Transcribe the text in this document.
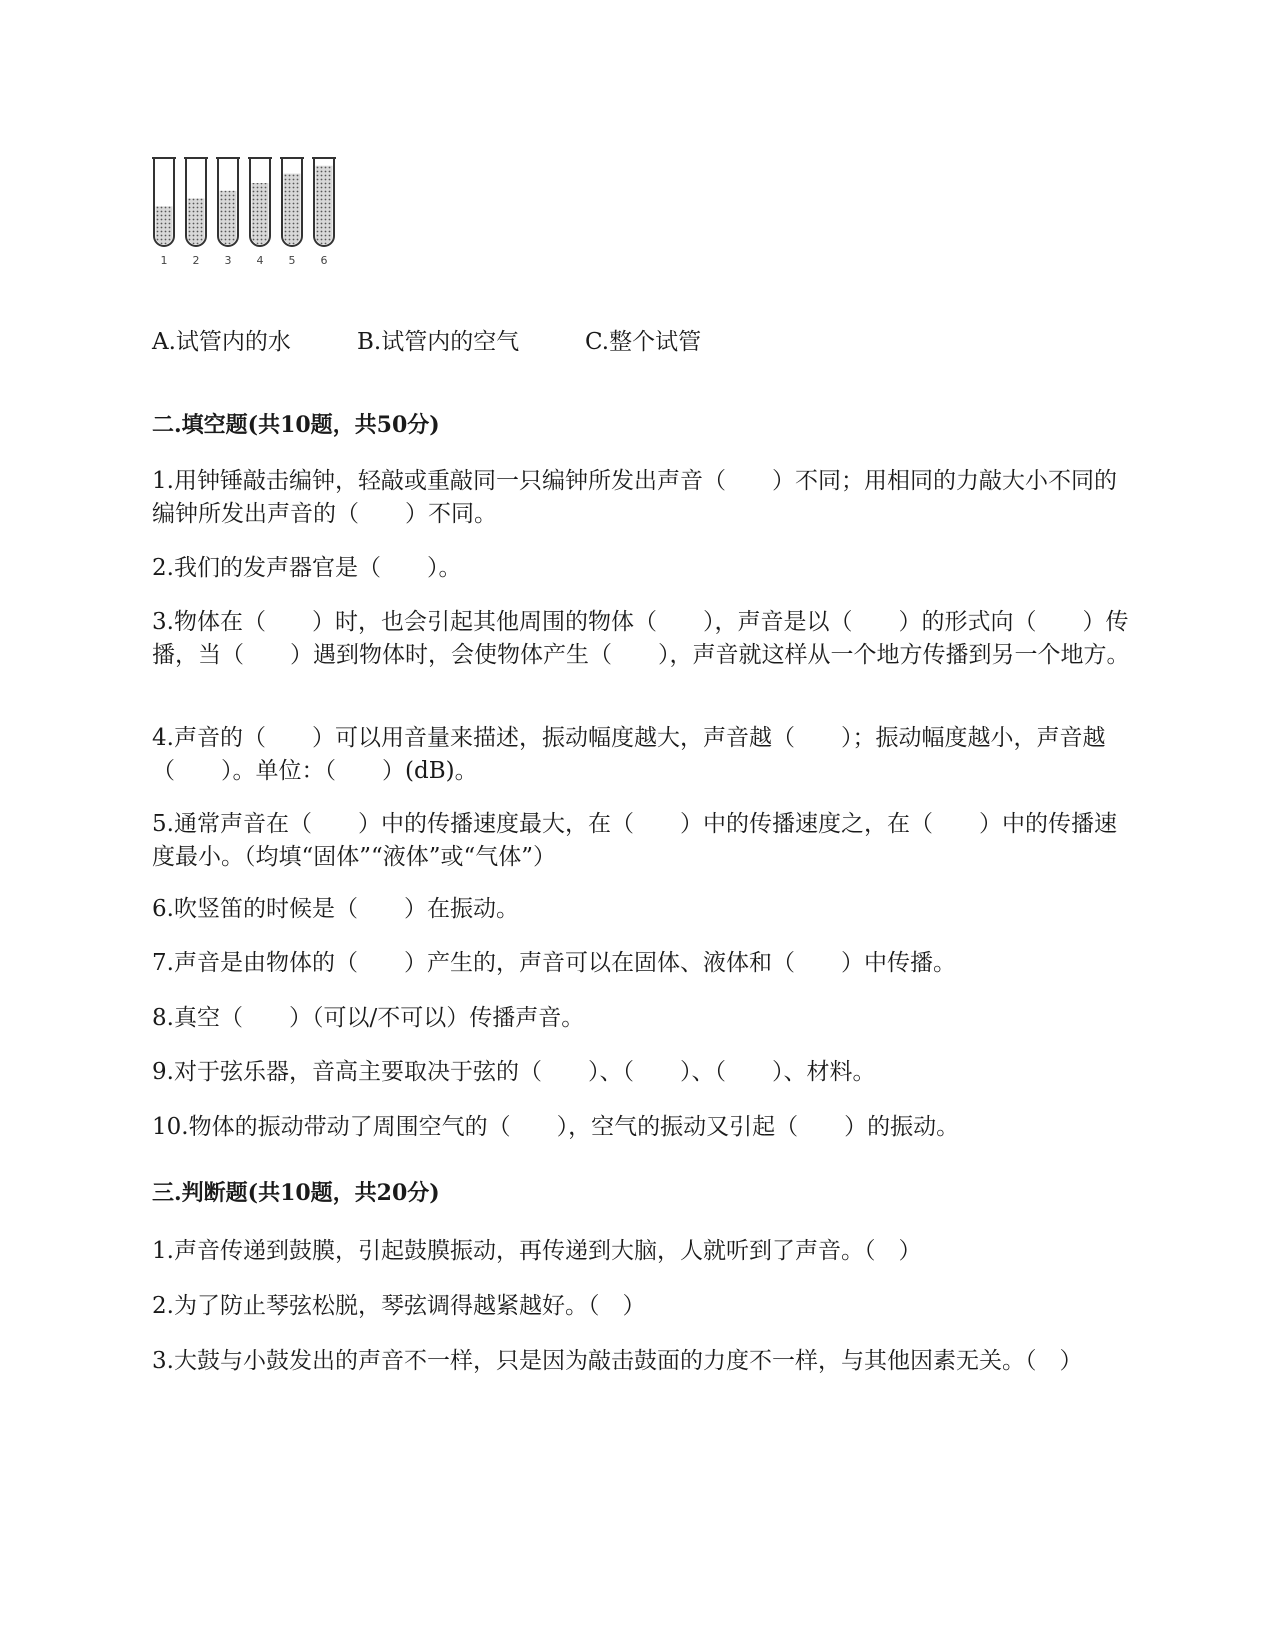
1 2 3 4 5 6
A.试管内的水	B.试管内的空气	C.整个试管
二.填空题(共10题，共50分)
1.用钟锤敲击编钟，轻敲或重敲同一只编钟所发出声音（　　）不同；用相同的力敲大小不同的编钟所发出声音的（　　）不同。
2.我们的发声器官是（　　）。
3.物体在（　　）时，也会引起其他周围的物体（　　），声音是以（　　）的形式向（　　）传播，当（　　）遇到物体时，会使物体产生（　　），声音就这样从一个地方传播到另一个地方。
4.声音的（　　）可以用音量来描述，振动幅度越大，声音越（　　）；振动幅度越小，声音越（　　）。单位：（　　）(dB)。
5.通常声音在（　　）中的传播速度最大，在（　　）中的传播速度之，在（　　）中的传播速度最小。（均填“固体”“液体”或“气体”）
6.吹竖笛的时候是（　　）在振动。
7.声音是由物体的（　　）产生的，声音可以在固体、液体和（　　）中传播。
8.真空（　　）（可以/不可以）传播声音。
9.对于弦乐器，音高主要取决于弦的（　　）、（　　）、（　　）、材料。
10.物体的振动带动了周围空气的（　　），空气的振动又引起（　　）的振动。
三.判断题(共10题，共20分)
1.声音传递到鼓膜，引起鼓膜振动，再传递到大脑，人就听到了声音。（　）
2.为了防止琴弦松脱，琴弦调得越紧越好。（　）
3.大鼓与小鼓发出的声音不一样，只是因为敲击鼓面的力度不一样，与其他因素无关。（　）
